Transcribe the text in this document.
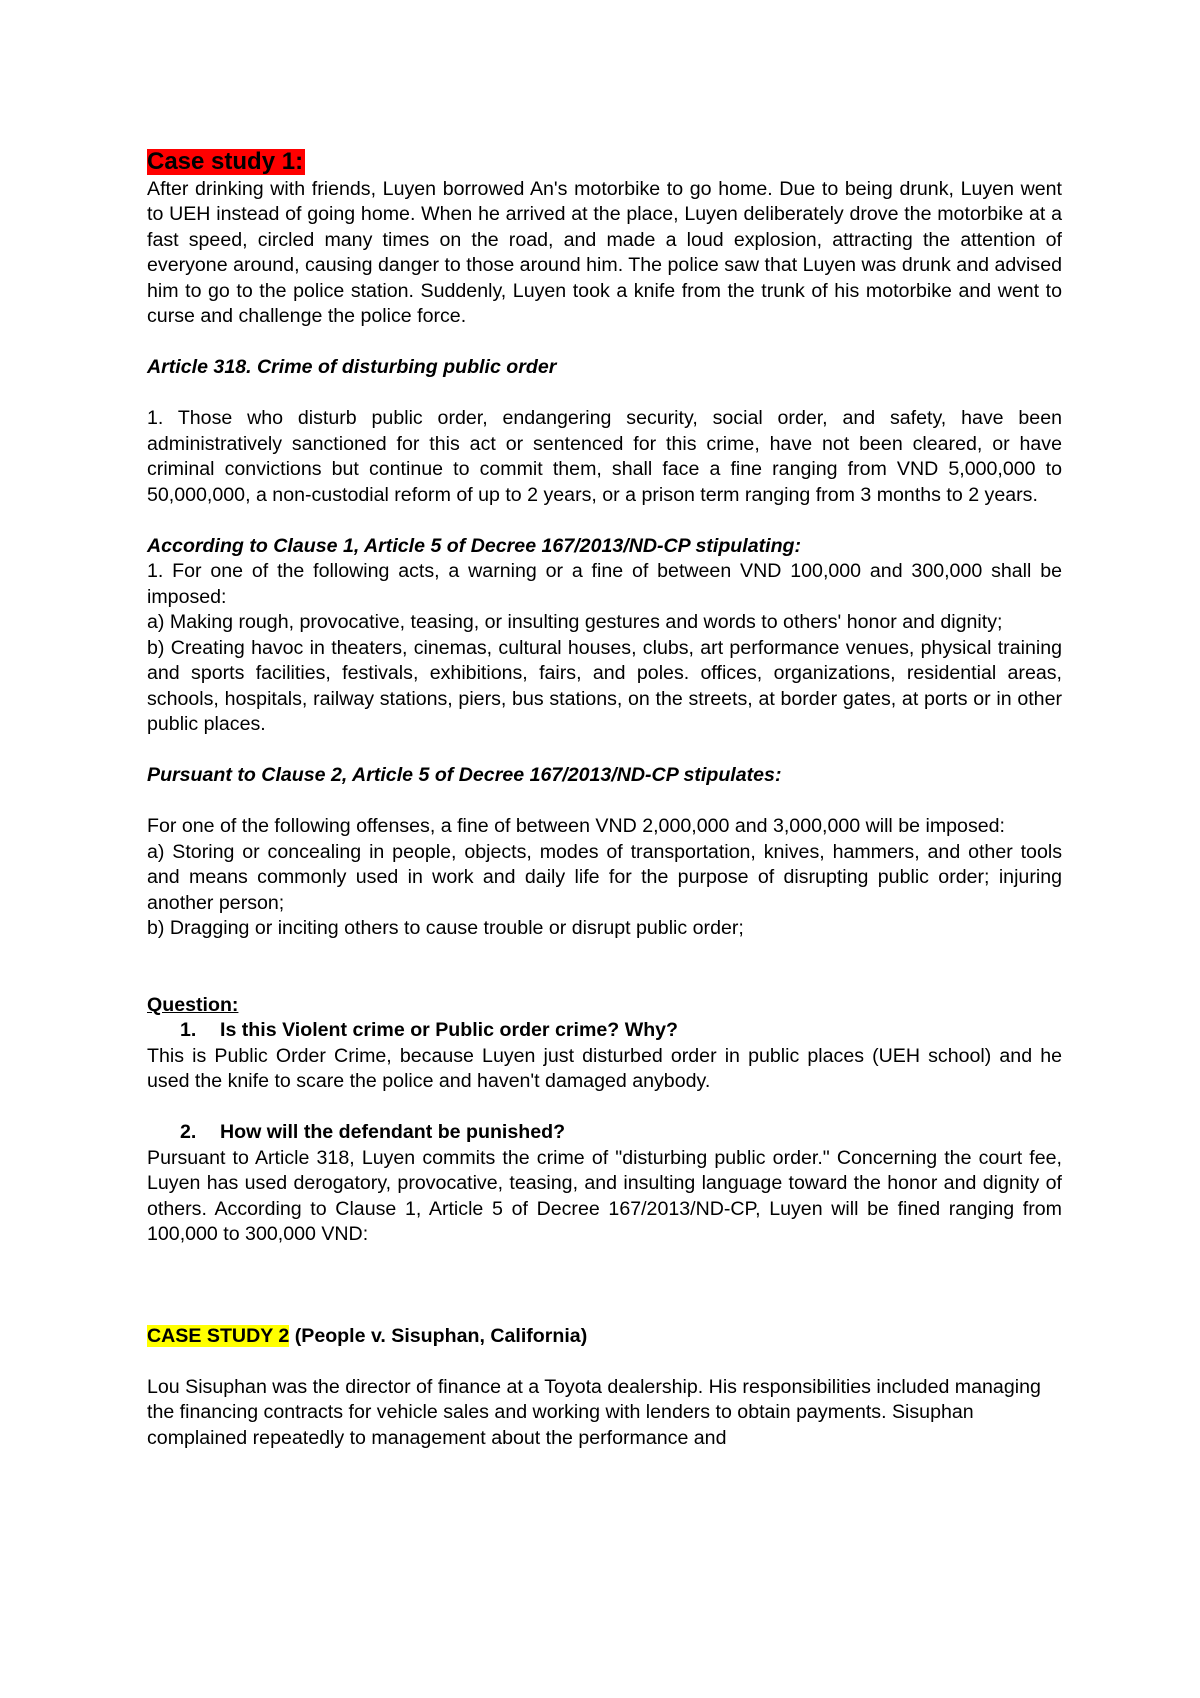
Case study 1:

After drinking with friends, Luyen borrowed An's motorbike to go home. Due to being drunk, Luyen went to UEH instead of going home. When he arrived at the place, Luyen deliberately drove the motorbike at a fast speed, circled many times on the road, and made a loud explosion, attracting the attention of everyone around, causing danger to those around him. The police saw that Luyen was drunk and advised him to go to the police station. Suddenly, Luyen took a knife from the trunk of his motorbike and went to curse and challenge the police force.

Article 318. Crime of disturbing public order

1. Those who disturb public order, endangering security, social order, and safety, have been administratively sanctioned for this act or sentenced for this crime, have not been cleared, or have criminal convictions but continue to commit them, shall face a fine ranging from VND 5,000,000 to 50,000,000, a non-custodial reform of up to 2 years, or a prison term ranging from 3 months to 2 years.

According to Clause 1, Article 5 of Decree 167/2013/ND-CP stipulating:

1. For one of the following acts, a warning or a fine of between VND 100,000 and 300,000 shall be imposed:

a) Making rough, provocative, teasing, or insulting gestures and words to others' honor and dignity;

b) Creating havoc in theaters, cinemas, cultural houses, clubs, art performance venues, physical training and sports facilities, festivals, exhibitions, fairs, and poles. offices, organizations, residential areas, schools, hospitals, railway stations, piers, bus stations, on the streets, at border gates, at ports or in other public places.

Pursuant to Clause 2, Article 5 of Decree 167/2013/ND-CP stipulates:

For one of the following offenses, a fine of between VND 2,000,000 and 3,000,000 will be imposed:

a) Storing or concealing in people, objects, modes of transportation, knives, hammers, and other tools and means commonly used in work and daily life for the purpose of disrupting public order; injuring another person;

b) Dragging or inciting others to cause trouble or disrupt public order;

Question:

1. Is this Violent crime or Public order crime? Why?

This is Public Order Crime, because Luyen just disturbed order in public places (UEH school) and he used the knife to scare the police and haven't damaged anybody.

2. How will the defendant be punished?

Pursuant to Article 318, Luyen commits the crime of "disturbing public order." Concerning the court fee, Luyen has used derogatory, provocative, teasing, and insulting language toward the honor and dignity of others. According to Clause 1, Article 5 of Decree 167/2013/ND-CP, Luyen will be fined ranging from 100,000 to 300,000 VND:

CASE STUDY 2 (People v. Sisuphan, California)

Lou Sisuphan was the director of finance at a Toyota dealership. His responsibilities included managing the financing contracts for vehicle sales and working with lenders to obtain payments. Sisuphan complained repeatedly to management about the performance and
